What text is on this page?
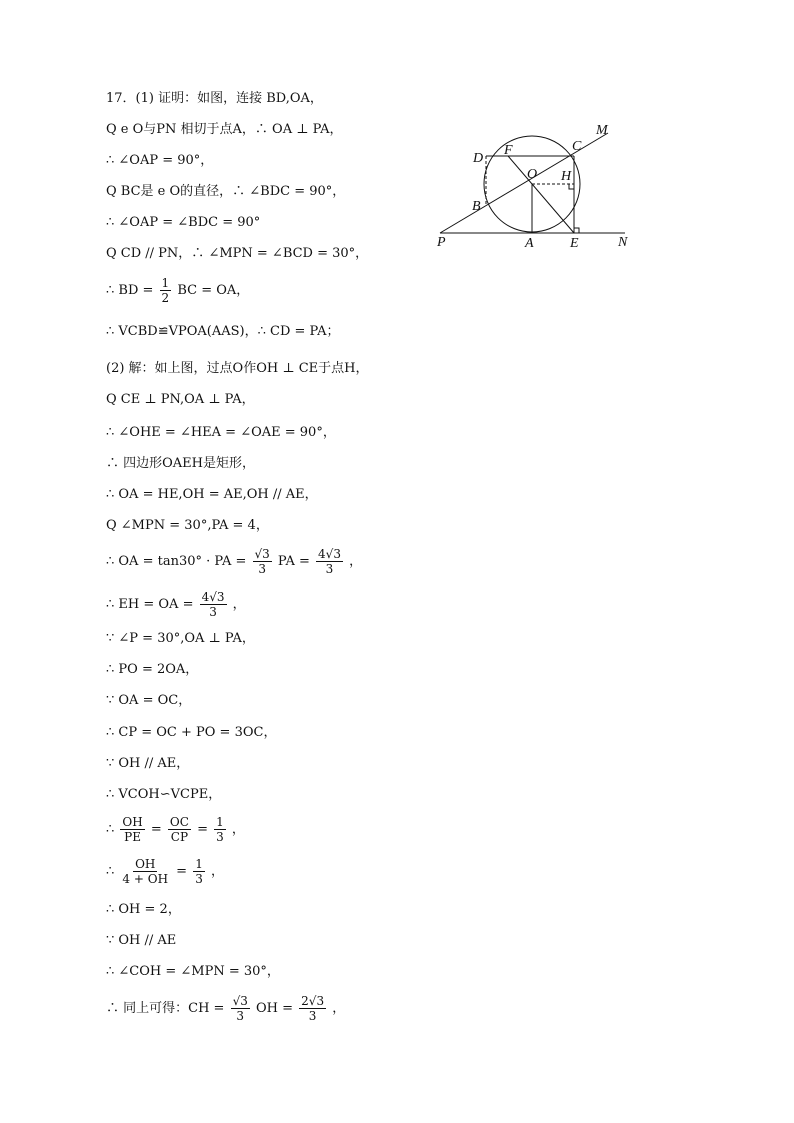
17．(1) 证明：如图，连接 BD,OA，
Q e O与PN 相切于点A，∴ OA ⊥ PA，
∴ ∠OAP = 90°，
Q BC是 e O的直径，∴ ∠BDC = 90°，
∴ ∠OAP = ∠BDC = 90°
Q CD // PN，∴ ∠MPN = ∠BCD = 30°，
∴ BD = $\frac{1}{2}$ BC = OA，
∴ VCBD≌VPOA(AAS)，∴ CD = PA；
(2) 解：如上图，过点O作OH ⊥ CE于点H，
Q CE ⊥ PN,OA ⊥ PA，
∴ ∠OHE = ∠HEA = ∠OAE = 90°，
∴ 四边形OAEH是矩形，
∴ OA = HE,OH = AE,OH // AE，
Q ∠MPN = 30°,PA = 4，
∴ OA = tan30° · PA = $\frac{√3}{3}$ PA = $\frac{4√3}{3}$ ，
∴ EH = OA = $\frac{4√3}{3}$ ，
∵ ∠P = 30°,OA ⊥ PA，
∴ PO = 2OA，
∵ OA = OC，
∴ CP = OC + PO = 3OC，
∵ OH // AE，
∴ VCOH∽VCPE，
∴ $\frac{OH}{PE} = \frac{OC}{CP} = \frac{1}{3}$ ，
∴ $\frac{OH}{4 + OH} = \frac{1}{3}$ ，
∴ OH = 2，
∵ OH // AE
∴ ∠COH = ∠MPN = 30°，
∴ 同上可得：CH = $\frac{√3}{3}$ OH = $\frac{2√3}{3}$ ，
M
D
F	C
O H
B
P	A	E	N
